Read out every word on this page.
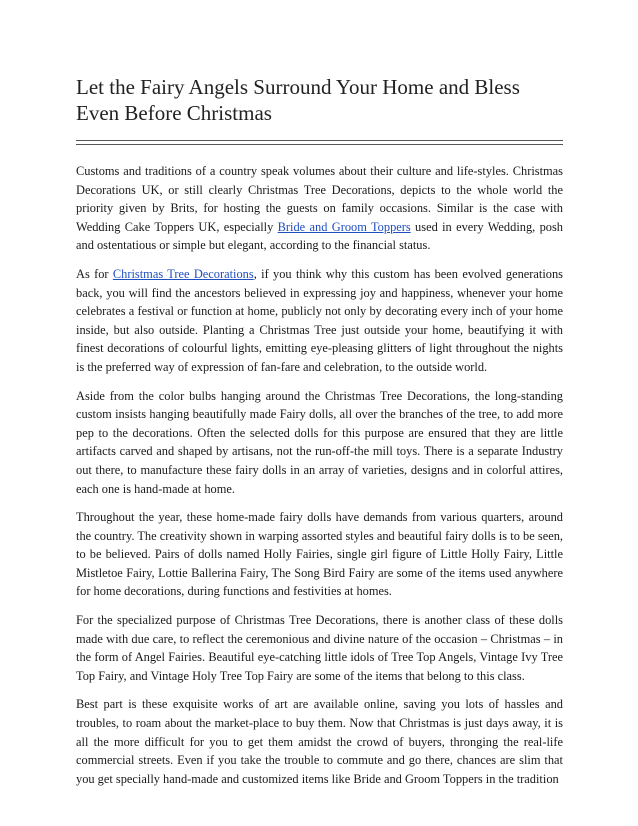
Let the Fairy Angels Surround Your Home and Bless Even Before Christmas

Customs and traditions of a country speak volumes about their culture and life-styles. Christmas Decorations UK, or still clearly Christmas Tree Decorations, depicts to the whole world the priority given by Brits, for hosting the guests on family occasions. Similar is the case with Wedding Cake Toppers UK, especially Bride and Groom Toppers used in every Wedding, posh and ostentatious or simple but elegant, according to the financial status.

As for Christmas Tree Decorations, if you think why this custom has been evolved generations back, you will find the ancestors believed in expressing joy and happiness, whenever your home celebrates a festival or function at home, publicly not only by decorating every inch of your home inside, but also outside. Planting a Christmas Tree just outside your home, beautifying it with finest decorations of colourful lights, emitting eye-pleasing glitters of light throughout the nights is the preferred way of expression of fan-fare and celebration, to the outside world.

Aside from the color bulbs hanging around the Christmas Tree Decorations, the long-standing custom insists hanging beautifully made Fairy dolls, all over the branches of the tree, to add more pep to the decorations. Often the selected dolls for this purpose are ensured that they are little artifacts carved and shaped by artisans, not the run-off-the mill toys. There is a separate Industry out there, to manufacture these fairy dolls in an array of varieties, designs and in colorful attires, each one is hand-made at home.

Throughout the year, these home-made fairy dolls have demands from various quarters, around the country. The creativity shown in warping assorted styles and beautiful fairy dolls is to be seen, to be believed. Pairs of dolls named Holly Fairies, single girl figure of Little Holly Fairy, Little Mistletoe Fairy, Lottie Ballerina Fairy, The Song Bird Fairy are some of the items used anywhere for home decorations, during functions and festivities at homes.

For the specialized purpose of Christmas Tree Decorations, there is another class of these dolls made with due care, to reflect the ceremonious and divine nature of the occasion – Christmas – in the form of Angel Fairies. Beautiful eye-catching little idols of Tree Top Angels, Vintage Ivy Tree Top Fairy, and Vintage Holy Tree Top Fairy are some of the items that belong to this class.

Best part is these exquisite works of art are available online, saving you lots of hassles and troubles, to roam about the market-place to buy them. Now that Christmas is just days away, it is all the more difficult for you to get them amidst the crowd of buyers, thronging the real-life commercial streets. Even if you take the trouble to commute and go there, chances are slim that you get specially hand-made and customized items like Bride and Groom Toppers in the tradition
